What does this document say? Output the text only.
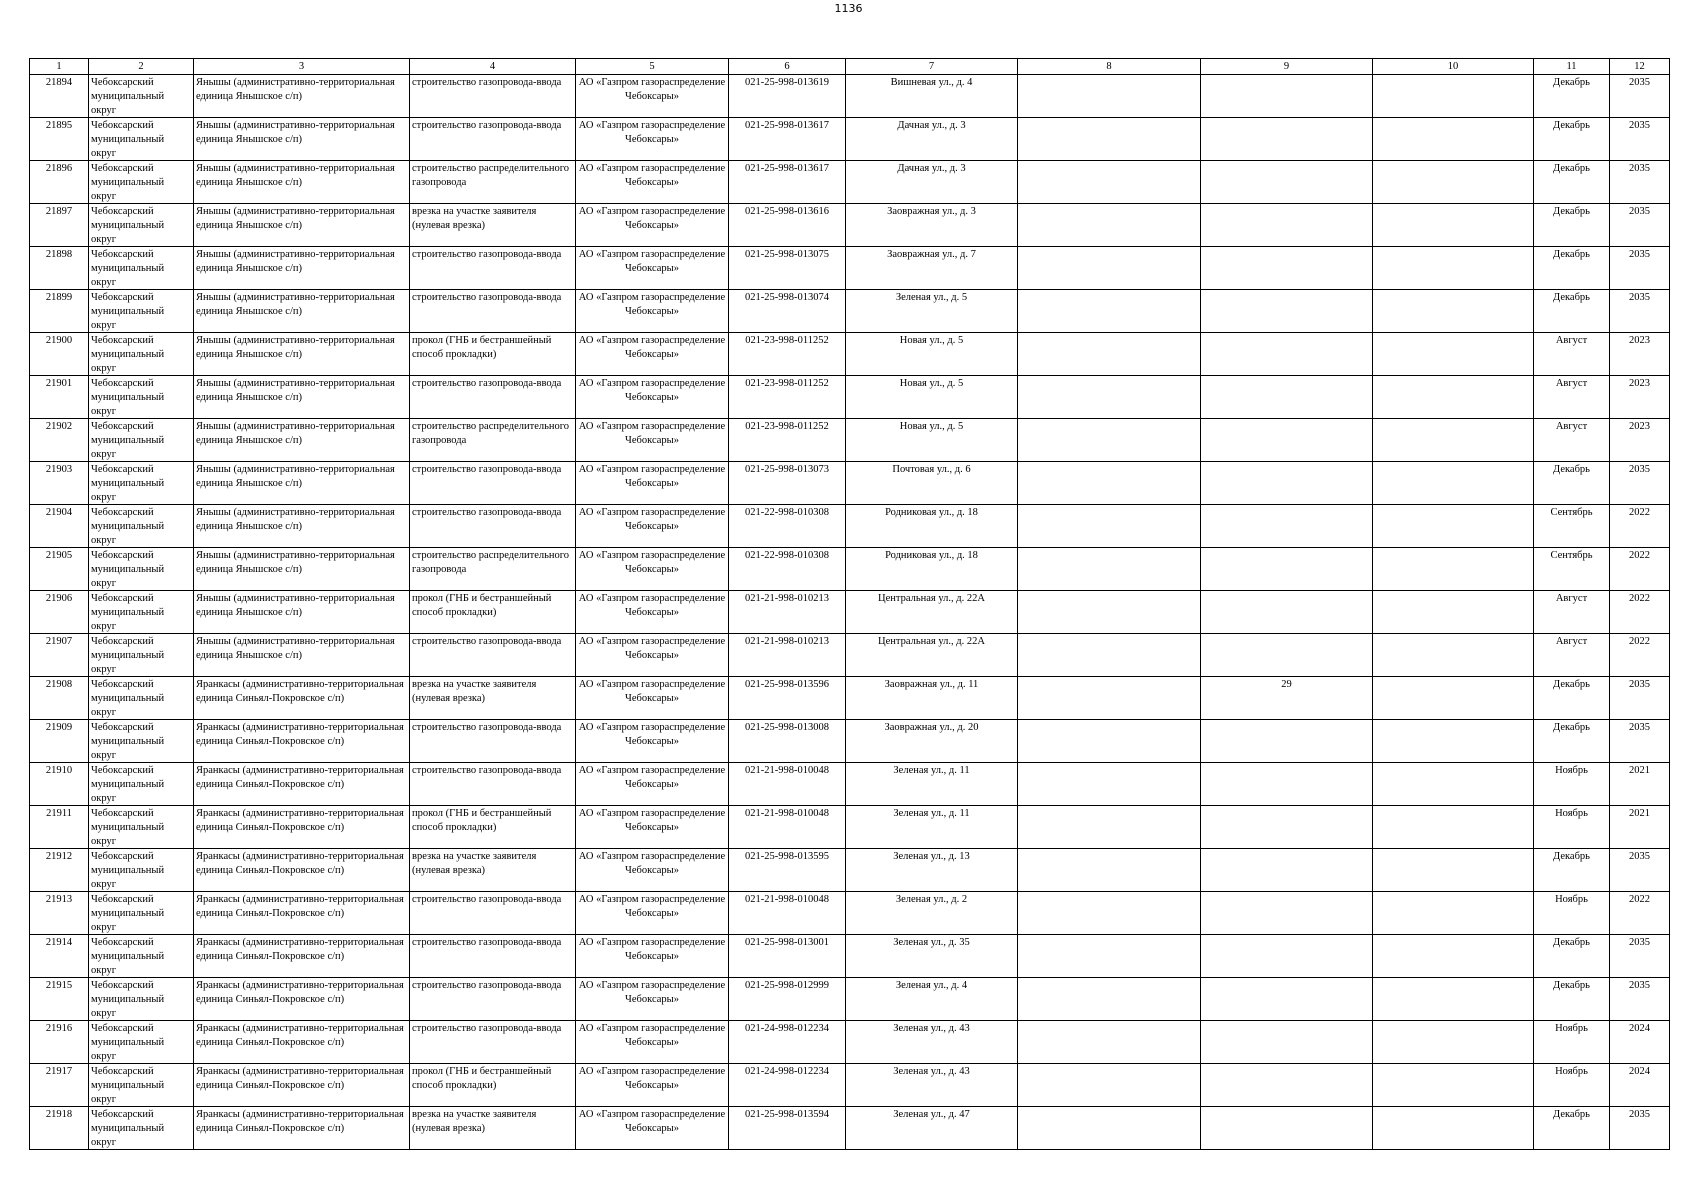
1136
1	2	3	4	5	6	7	8	9	10	11	12

21894	Чебоксарский муниципальный округ	Янышы (административно-территориальная единица Янышское с/п)	строительство газопровода-ввода	АО «Газпром газораспределение Чебоксары»	021-25-998-013619	Вишневая ул., д. 4				Декабрь	2035

21895	Чебоксарский муниципальный округ	Янышы (административно-территориальная единица Янышское с/п)	строительство газопровода-ввода	АО «Газпром газораспределение Чебоксары»	021-25-998-013617	Дачная ул., д. 3				Декабрь	2035

21896	Чебоксарский муниципальный округ	Янышы (административно-территориальная единица Янышское с/п)	строительство распределительного газопровода	АО «Газпром газораспределение Чебоксары»	021-25-998-013617	Дачная ул., д. 3				Декабрь	2035

21897	Чебоксарский муниципальный округ	Янышы (административно-территориальная единица Янышское с/п)	врезка на участке заявителя (нулевая врезка)	АО «Газпром газораспределение Чебоксары»	021-25-998-013616	Заовражная ул., д. 3				Декабрь	2035

21898	Чебоксарский муниципальный округ	Янышы (административно-территориальная единица Янышское с/п)	строительство газопровода-ввода	АО «Газпром газораспределение Чебоксары»	021-25-998-013075	Заовражная ул., д. 7				Декабрь	2035

21899	Чебоксарский муниципальный округ	Янышы (административно-территориальная единица Янышское с/п)	строительство газопровода-ввода	АО «Газпром газораспределение Чебоксары»	021-25-998-013074	Зеленая ул., д. 5				Декабрь	2035

21900	Чебоксарский муниципальный округ	Янышы (административно-территориальная единица Янышское с/п)	прокол (ГНБ и бестраншейный способ прокладки)	АО «Газпром газораспределение Чебоксары»	021-23-998-011252	Новая ул., д. 5				Август	2023

21901	Чебоксарский муниципальный округ	Янышы (административно-территориальная единица Янышское с/п)	строительство газопровода-ввода	АО «Газпром газораспределение Чебоксары»	021-23-998-011252	Новая ул., д. 5				Август	2023

21902	Чебоксарский муниципальный округ	Янышы (административно-территориальная единица Янышское с/п)	строительство распределительного газопровода	АО «Газпром газораспределение Чебоксары»	021-23-998-011252	Новая ул., д. 5				Август	2023

21903	Чебоксарский муниципальный округ	Янышы (административно-территориальная единица Янышское с/п)	строительство газопровода-ввода	АО «Газпром газораспределение Чебоксары»	021-25-998-013073	Почтовая ул., д. 6				Декабрь	2035

21904	Чебоксарский муниципальный округ	Янышы (административно-территориальная единица Янышское с/п)	строительство газопровода-ввода	АО «Газпром газораспределение Чебоксары»	021-22-998-010308	Родниковая ул., д. 18				Сентябрь	2022

21905	Чебоксарский муниципальный округ	Янышы (административно-территориальная единица Янышское с/п)	строительство распределительного газопровода	АО «Газпром газораспределение Чебоксары»	021-22-998-010308	Родниковая ул., д. 18				Сентябрь	2022

21906	Чебоксарский муниципальный округ	Янышы (административно-территориальная единица Янышское с/п)	прокол (ГНБ и бестраншейный способ прокладки)	АО «Газпром газораспределение Чебоксары»	021-21-998-010213	Центральная ул., д. 22А				Август	2022

21907	Чебоксарский муниципальный округ	Янышы (административно-территориальная единица Янышское с/п)	строительство газопровода-ввода	АО «Газпром газораспределение Чебоксары»	021-21-998-010213	Центральная ул., д. 22А				Август	2022

21908	Чебоксарский муниципальный округ	Яранкасы (административно-территориальная единица Синьял-Покровское с/п)	врезка на участке заявителя (нулевая врезка)	АО «Газпром газораспределение Чебоксары»	021-25-998-013596	Заовражная ул., д. 11		29		Декабрь	2035

21909	Чебоксарский муниципальный округ	Яранкасы (административно-территориальная единица Синьял-Покровское с/п)	строительство газопровода-ввода	АО «Газпром газораспределение Чебоксары»	021-25-998-013008	Заовражная ул., д. 20				Декабрь	2035

21910	Чебоксарский муниципальный округ	Яранкасы (административно-территориальная единица Синьял-Покровское с/п)	строительство газопровода-ввода	АО «Газпром газораспределение Чебоксары»	021-21-998-010048	Зеленая ул., д. 11				Ноябрь	2021

21911	Чебоксарский муниципальный округ	Яранкасы (административно-территориальная единица Синьял-Покровское с/п)	прокол (ГНБ и бестраншейный способ прокладки)	АО «Газпром газораспределение Чебоксары»	021-21-998-010048	Зеленая ул., д. 11				Ноябрь	2021

21912	Чебоксарский муниципальный округ	Яранкасы (административно-территориальная единица Синьял-Покровское с/п)	врезка на участке заявителя (нулевая врезка)	АО «Газпром газораспределение Чебоксары»	021-25-998-013595	Зеленая ул., д. 13				Декабрь	2035

21913	Чебоксарский муниципальный округ	Яранкасы (административно-территориальная единица Синьял-Покровское с/п)	строительство газопровода-ввода	АО «Газпром газораспределение Чебоксары»	021-21-998-010048	Зеленая ул., д. 2				Ноябрь	2022

21914	Чебоксарский муниципальный округ	Яранкасы (административно-территориальная единица Синьял-Покровское с/п)	строительство газопровода-ввода	АО «Газпром газораспределение Чебоксары»	021-25-998-013001	Зеленая ул., д. 35				Декабрь	2035

21915	Чебоксарский муниципальный округ	Яранкасы (административно-территориальная единица Синьял-Покровское с/п)	строительство газопровода-ввода	АО «Газпром газораспределение Чебоксары»	021-25-998-012999	Зеленая ул., д. 4				Декабрь	2035

21916	Чебоксарский муниципальный округ	Яранкасы (административно-территориальная единица Синьял-Покровское с/п)	строительство газопровода-ввода	АО «Газпром газораспределение Чебоксары»	021-24-998-012234	Зеленая ул., д. 43				Ноябрь	2024

21917	Чебоксарский муниципальный округ	Яранкасы (административно-территориальная единица Синьял-Покровское с/п)	прокол (ГНБ и бестраншейный способ прокладки)	АО «Газпром газораспределение Чебоксары»	021-24-998-012234	Зеленая ул., д. 43				Ноябрь	2024

21918	Чебоксарский муниципальный округ	Яранкасы (административно-территориальная единица Синьял-Покровское с/п)	врезка на участке заявителя (нулевая врезка)	АО «Газпром газораспределение Чебоксары»	021-25-998-013594	Зеленая ул., д. 47				Декабрь	2035
